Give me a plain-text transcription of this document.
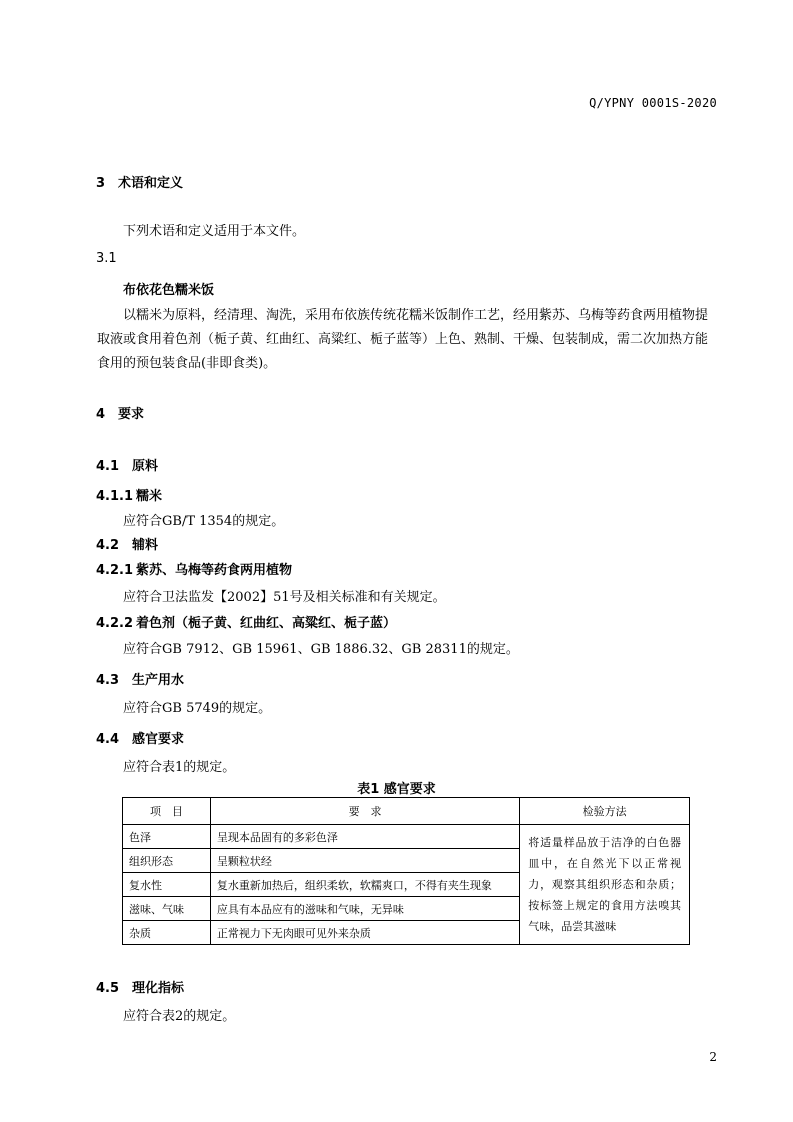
Q/YPNY 0001S-2020
3 术语和定义
下列术语和定义适用于本文件。
3.1
布依花色糯米饭
以糯米为原料，经清理、淘洗，采用布依族传统花糯米饭制作工艺，经用紫苏、乌梅等药食两用植物提取液或食用着色剂（栀子黄、红曲红、高粱红、栀子蓝等）上色、熟制、干燥、包装制成，需二次加热方能食用的预包装食品(非即食类)。
4 要求
4.1 原料
4.1.1 糯米
应符合GB/T 1354的规定。
4.2 辅料
4.2.1 紫苏、乌梅等药食两用植物
应符合卫法监发【2002】51号及相关标准和有关规定。
4.2.2 着色剂（栀子黄、红曲红、高粱红、栀子蓝）
应符合GB 7912、GB 15961、GB 1886.32、GB 28311的规定。
4.3 生产用水
应符合GB 5749的规定。
4.4 感官要求
应符合表1的规定。
表1 感官要求
项　目	要　求	检验方法
色泽	呈现本品固有的多彩色泽	将适量样品放于洁净的白色器皿中，在自然光下以正常视力，观察其组织形态和杂质；按标签上规定的食用方法嗅其气味，品尝其滋味
组织形态	呈颗粒状经	
复水性	复水重新加热后，组织柔软，软糯爽口，不得有夹生现象	
滋味、气味	应具有本品应有的滋味和气味，无异味	
杂质	正常视力下无肉眼可见外来杂质	
4.5 理化指标
应符合表2的规定。
2
